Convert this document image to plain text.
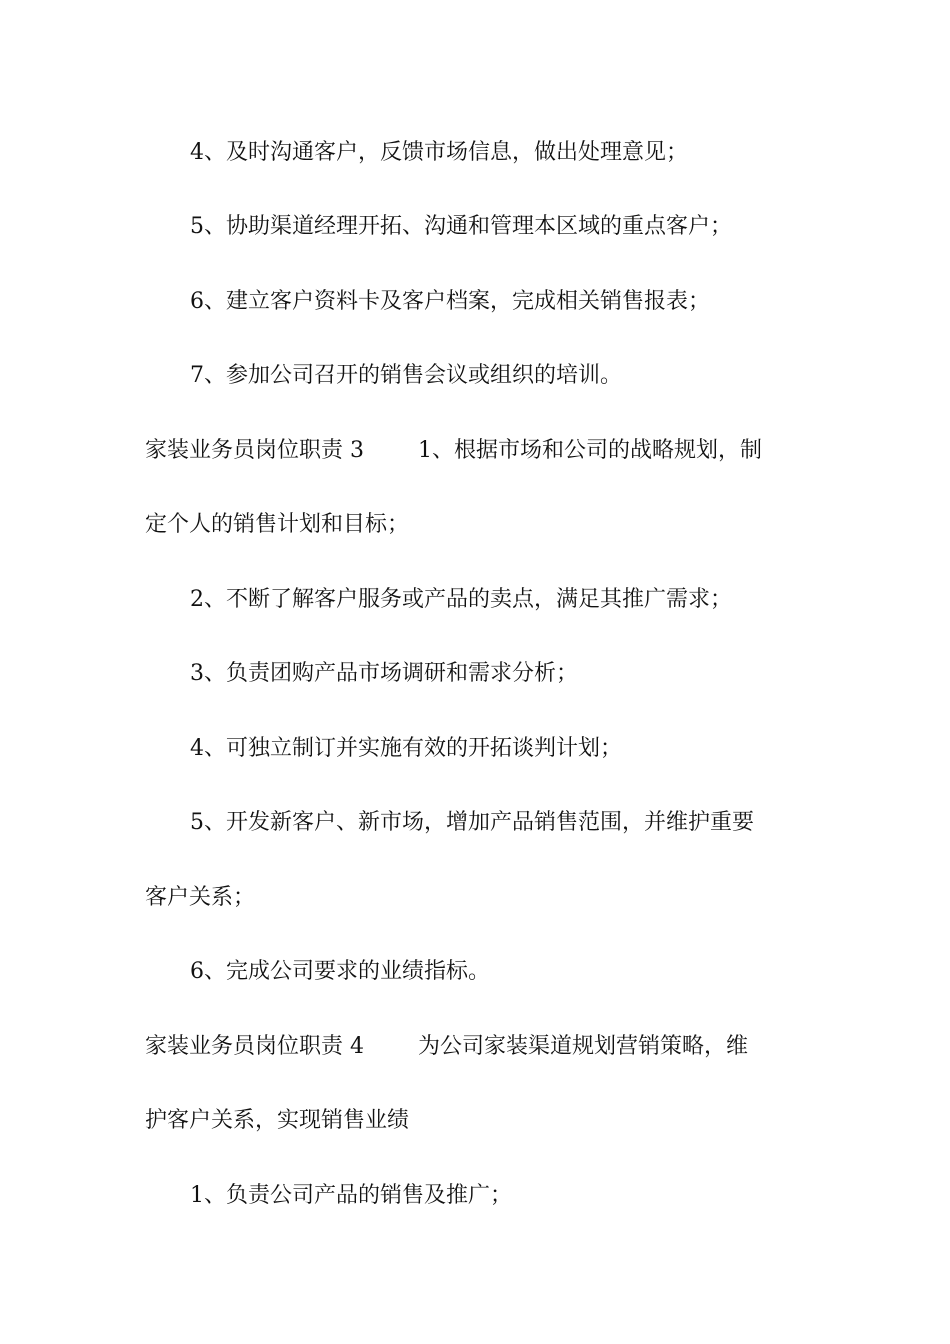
4、及时沟通客户，反馈市场信息，做出处理意见；
5、协助渠道经理开拓、沟通和管理本区域的重点客户；
6、建立客户资料卡及客户档案，完成相关销售报表；
7、参加公司召开的销售会议或组织的培训。
家装业务员岗位职责 3 1、根据市场和公司的战略规划，制
定个人的销售计划和目标；
2、不断了解客户服务或产品的卖点，满足其推广需求；
3、负责团购产品市场调研和需求分析；
4、可独立制订并实施有效的开拓谈判计划；
5、开发新客户、新市场，增加产品销售范围，并维护重要
客户关系；
6、完成公司要求的业绩指标。
家装业务员岗位职责 4 为公司家装渠道规划营销策略，维
护客户关系，实现销售业绩
1、负责公司产品的销售及推广；
